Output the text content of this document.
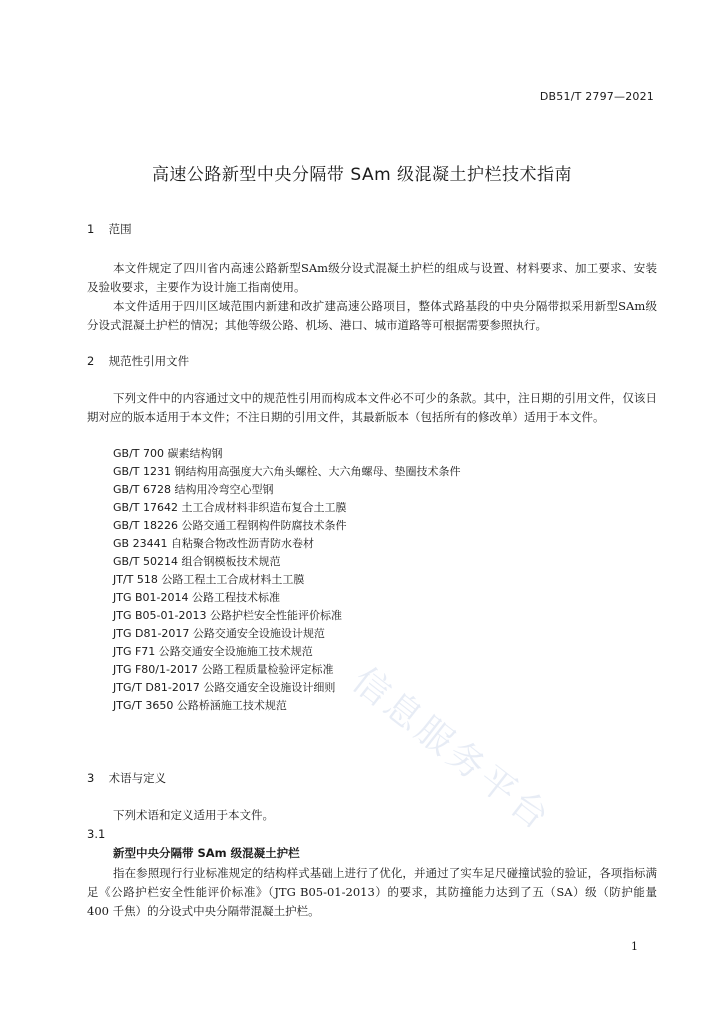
DB51/T 2797—2021
高速公路新型中央分隔带 SAm 级混凝土护栏技术指南
1 范围
本文件规定了四川省内高速公路新型SAm级分设式混凝土护栏的组成与设置、材料要求、加工要求、安装及验收要求，主要作为设计施工指南使用。
本文件适用于四川区域范围内新建和改扩建高速公路项目，整体式路基段的中央分隔带拟采用新型SAm级分设式混凝土护栏的情况；其他等级公路、机场、港口、城市道路等可根据需要参照执行。
2 规范性引用文件
下列文件中的内容通过文中的规范性引用而构成本文件必不可少的条款。其中，注日期的引用文件，仅该日期对应的版本适用于本文件；不注日期的引用文件，其最新版本（包括所有的修改单）适用于本文件。
GB/T 700 碳素结构钢
GB/T 1231 钢结构用高强度大六角头螺栓、大六角螺母、垫圈技术条件
GB/T 6728 结构用冷弯空心型钢
GB/T 17642 土工合成材料非织造布复合土工膜
GB/T 18226 公路交通工程钢构件防腐技术条件
GB 23441 自粘聚合物改性沥青防水卷材
GB/T 50214 组合钢模板技术规范
JT/T 518 公路工程土工合成材料土工膜
JTG B01-2014 公路工程技术标准
JTG B05-01-2013 公路护栏安全性能评价标准
JTG D81-2017 公路交通安全设施设计规范
JTG F71 公路交通安全设施施工技术规范
JTG F80/1-2017 公路工程质量检验评定标准
JTG/T D81-2017 公路交通安全设施设计细则
JTG/T 3650 公路桥涵施工技术规范
3 术语与定义
下列术语和定义适用于本文件。
3.1
新型中央分隔带 SAm 级混凝土护栏
指在参照现行行业标准规定的结构样式基础上进行了优化，并通过了实车足尺碰撞试验的验证，各项指标满足《公路护栏安全性能评价标准》（JTG B05-01-2013）的要求，其防撞能力达到了五（SA）级（防护能量 400 千焦）的分设式中央分隔带混凝土护栏。
信息服务平台
1
